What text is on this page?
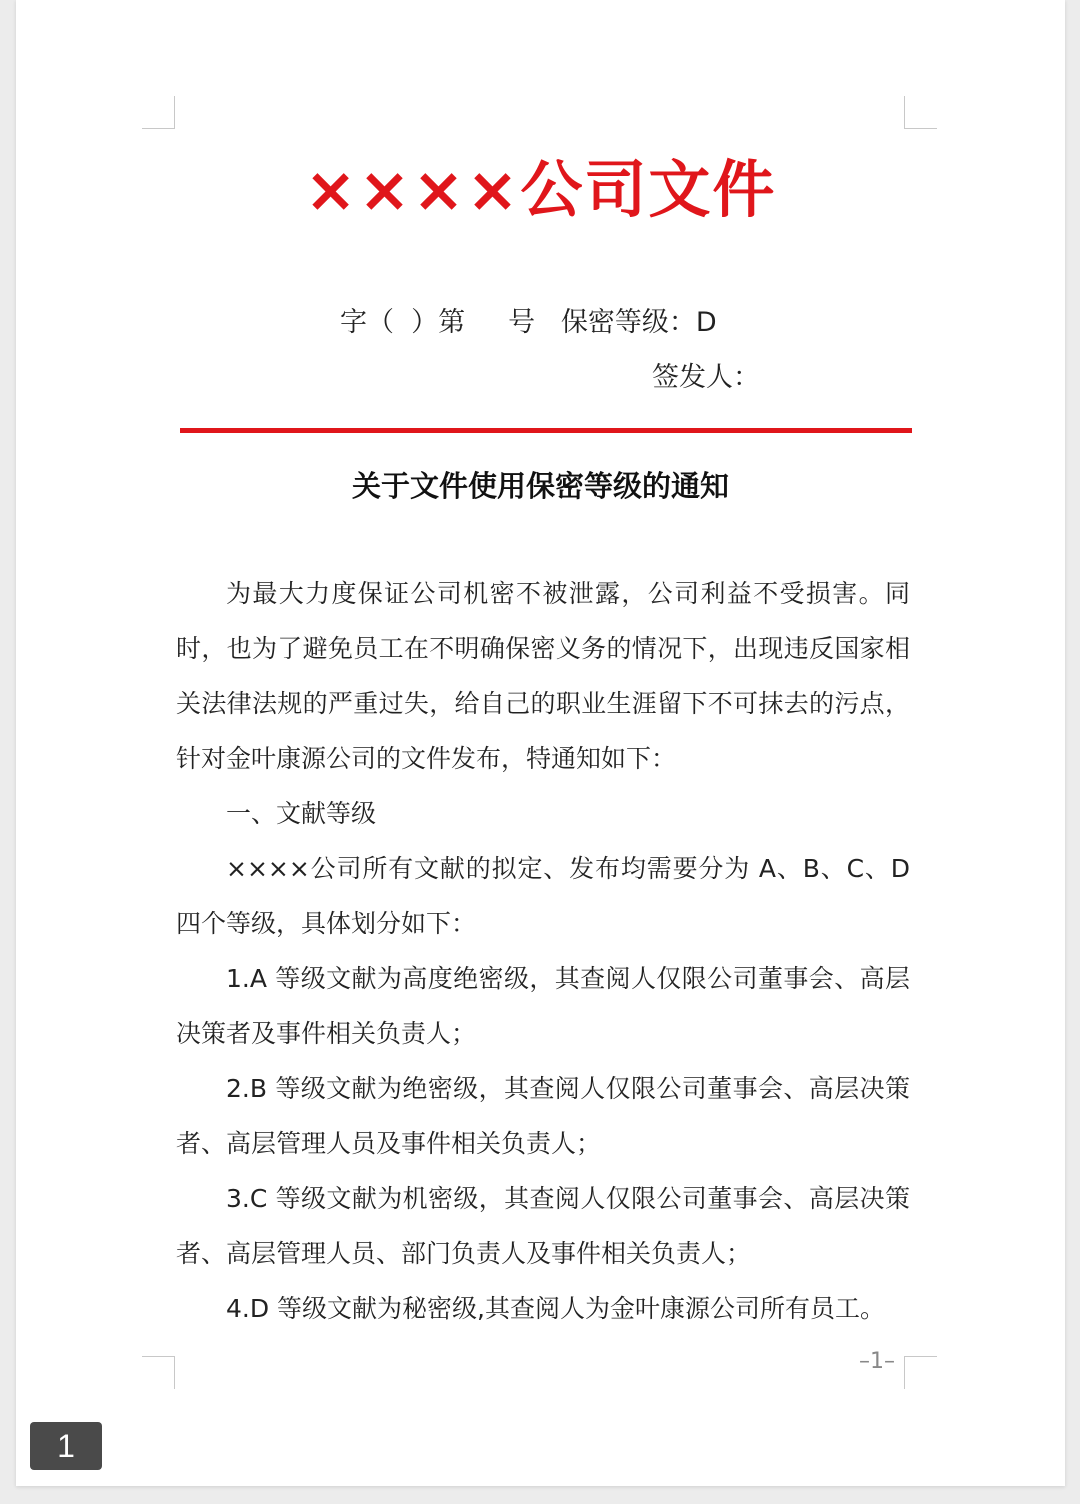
××××公司文件
字（  ）第     号   保密等级：D
签发人：
关于文件使用保密等级的通知

为最大力度保证公司机密不被泄露，公司利益不受损害。同时，也为了避免员工在不明确保密义务的情况下，出现违反国家相关法律法规的严重过失，给自己的职业生涯留下不可抹去的污点，针对金叶康源公司的文件发布，特通知如下：

一、文献等级

××××公司所有文献的拟定、发布均需要分为 A、B、C、D 四个等级，具体划分如下：

1.A 等级文献为高度绝密级，其查阅人仅限公司董事会、高层决策者及事件相关负责人；

2.B 等级文献为绝密级，其查阅人仅限公司董事会、高层决策者、高层管理人员及事件相关负责人；

3.C 等级文献为机密级，其查阅人仅限公司董事会、高层决策者、高层管理人员、部门负责人及事件相关负责人；

4.D 等级文献为秘密级,其查阅人为金叶康源公司所有员工。

–1–
1
